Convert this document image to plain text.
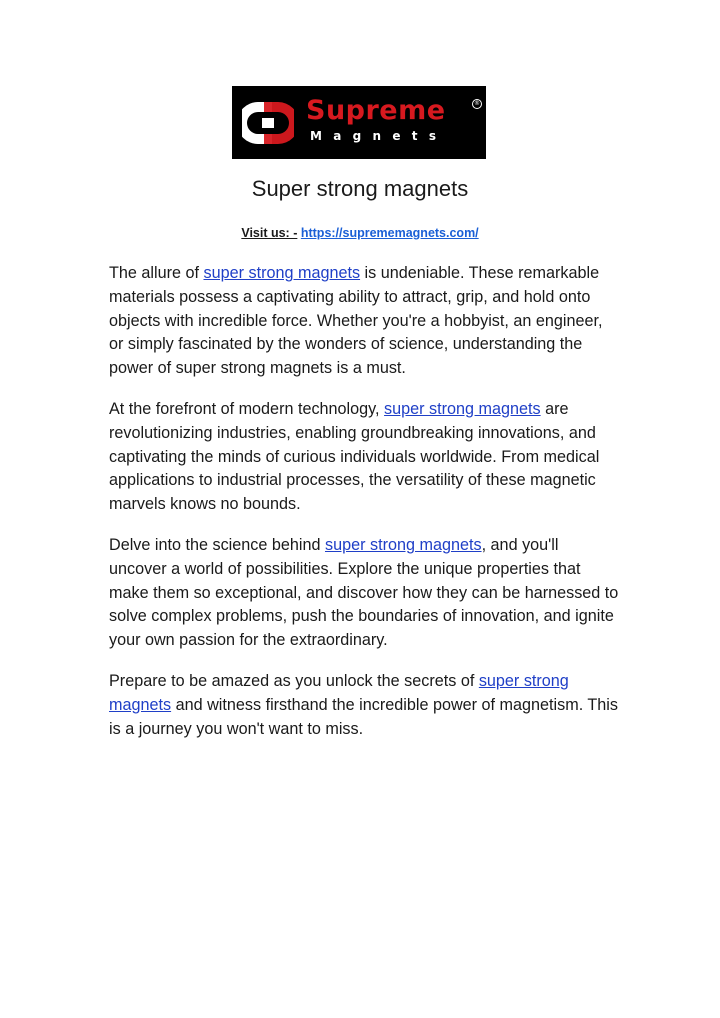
Supreme
Magnets
®
Super strong magnets
Visit us: - https://suprememagnets.com/

The allure of super strong magnets is undeniable. These remarkable materials possess a captivating ability to attract, grip, and hold onto objects with incredible force. Whether you're a hobbyist, an engineer, or simply fascinated by the wonders of science, understanding the power of super strong magnets is a must.

At the forefront of modern technology, super strong magnets are revolutionizing industries, enabling groundbreaking innovations, and captivating the minds of curious individuals worldwide. From medical applications to industrial processes, the versatility of these magnetic marvels knows no bounds.

Delve into the science behind super strong magnets, and you'll uncover a world of possibilities. Explore the unique properties that make them so exceptional, and discover how they can be harnessed to solve complex problems, push the boundaries of innovation, and ignite your own passion for the extraordinary.

Prepare to be amazed as you unlock the secrets of super strong magnets and witness firsthand the incredible power of magnetism. This is a journey you won't want to miss.
